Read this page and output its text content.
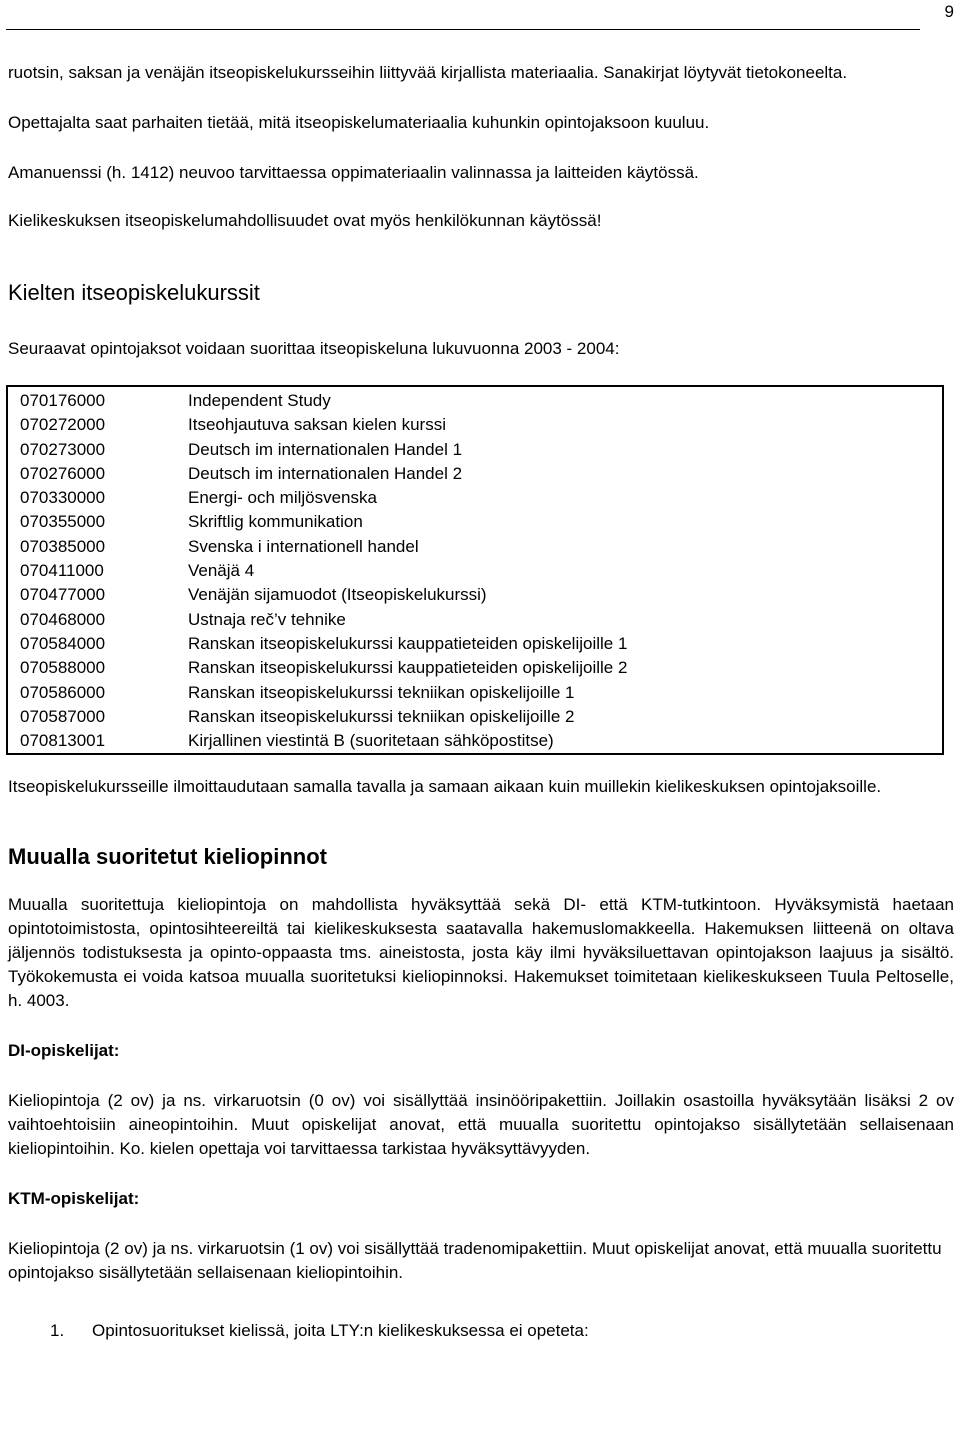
9

ruotsin, saksan ja venäjän itseopiskelukursseihin liittyvää kirjallista materiaalia. Sanakirjat löytyvät tietokoneelta.

Opettajalta saat parhaiten tietää, mitä itseopiskelumateriaalia kuhunkin opintojaksoon kuuluu.

Amanuenssi (h. 1412) neuvoo tarvittaessa oppimateriaalin valinnassa ja laitteiden käytössä.

Kielikeskuksen itseopiskelumahdollisuudet ovat myös henkilökunnan käytössä!

Kielten itseopiskelukurssit

Seuraavat opintojaksot voidaan suorittaa itseopiskeluna lukuvuonna 2003 - 2004:

070176000	Independent Study
070272000	Itseohjautuva saksan kielen kurssi
070273000	Deutsch im internationalen Handel 1
070276000	Deutsch im internationalen Handel 2
070330000	Energi- och miljösvenska
070355000	Skriftlig kommunikation
070385000	Svenska i internationell handel
070411000	Venäjä 4
070477000	Venäjän sijamuodot (Itseopiskelukurssi)
070468000	Ustnaja reč’v tehnike
070584000	Ranskan itseopiskelukurssi kauppatieteiden opiskelijoille 1
070588000	Ranskan itseopiskelukurssi kauppatieteiden opiskelijoille 2
070586000	Ranskan itseopiskelukurssi tekniikan opiskelijoille 1
070587000	Ranskan itseopiskelukurssi tekniikan opiskelijoille 2
070813001	Kirjallinen viestintä B (suoritetaan sähköpostitse)

Itseopiskelukursseille ilmoittaudutaan samalla tavalla ja samaan aikaan kuin muillekin kielikeskuksen opintojaksoille.

Muualla suoritetut kieliopinnot

Muualla suoritettuja kieliopintoja on mahdollista hyväksyttää sekä DI- että KTM-tutkintoon. Hyväksymistä haetaan opintotoimistosta, opintosihteereiltä tai kielikeskuksesta saatavalla hakemuslomakkeella. Hakemuksen liitteenä on oltava jäljennös todistuksesta ja opinto-oppaasta tms. aineistosta, josta käy ilmi hyväksiluettavan opintojakson laajuus ja sisältö. Työkokemusta ei voida katsoa muualla suoritetuksi kieliopinnoksi. Hakemukset toimitetaan kielikeskukseen Tuula Peltoselle, h. 4003.

DI-opiskelijat:

Kieliopintoja (2 ov) ja ns. virkaruotsin (0 ov) voi sisällyttää insinööripakettiin. Joillakin osastoilla hyväksytään lisäksi 2 ov vaihtoehtoisiin aineopintoihin. Muut opiskelijat anovat, että muualla suoritettu opintojakso sisällytetään sellaisenaan kieliopintoihin. Ko. kielen opettaja voi tarvittaessa tarkistaa hyväksyttävyyden.

KTM-opiskelijat:

Kieliopintoja (2 ov) ja ns. virkaruotsin (1 ov) voi sisällyttää tradenomipakettiin. Muut opiskelijat anovat, että muualla suoritettu opintojakso sisällytetään sellaisenaan kieliopintoihin.

1.	Opintosuoritukset kielissä, joita LTY:n kielikeskuksessa ei opeteta:
